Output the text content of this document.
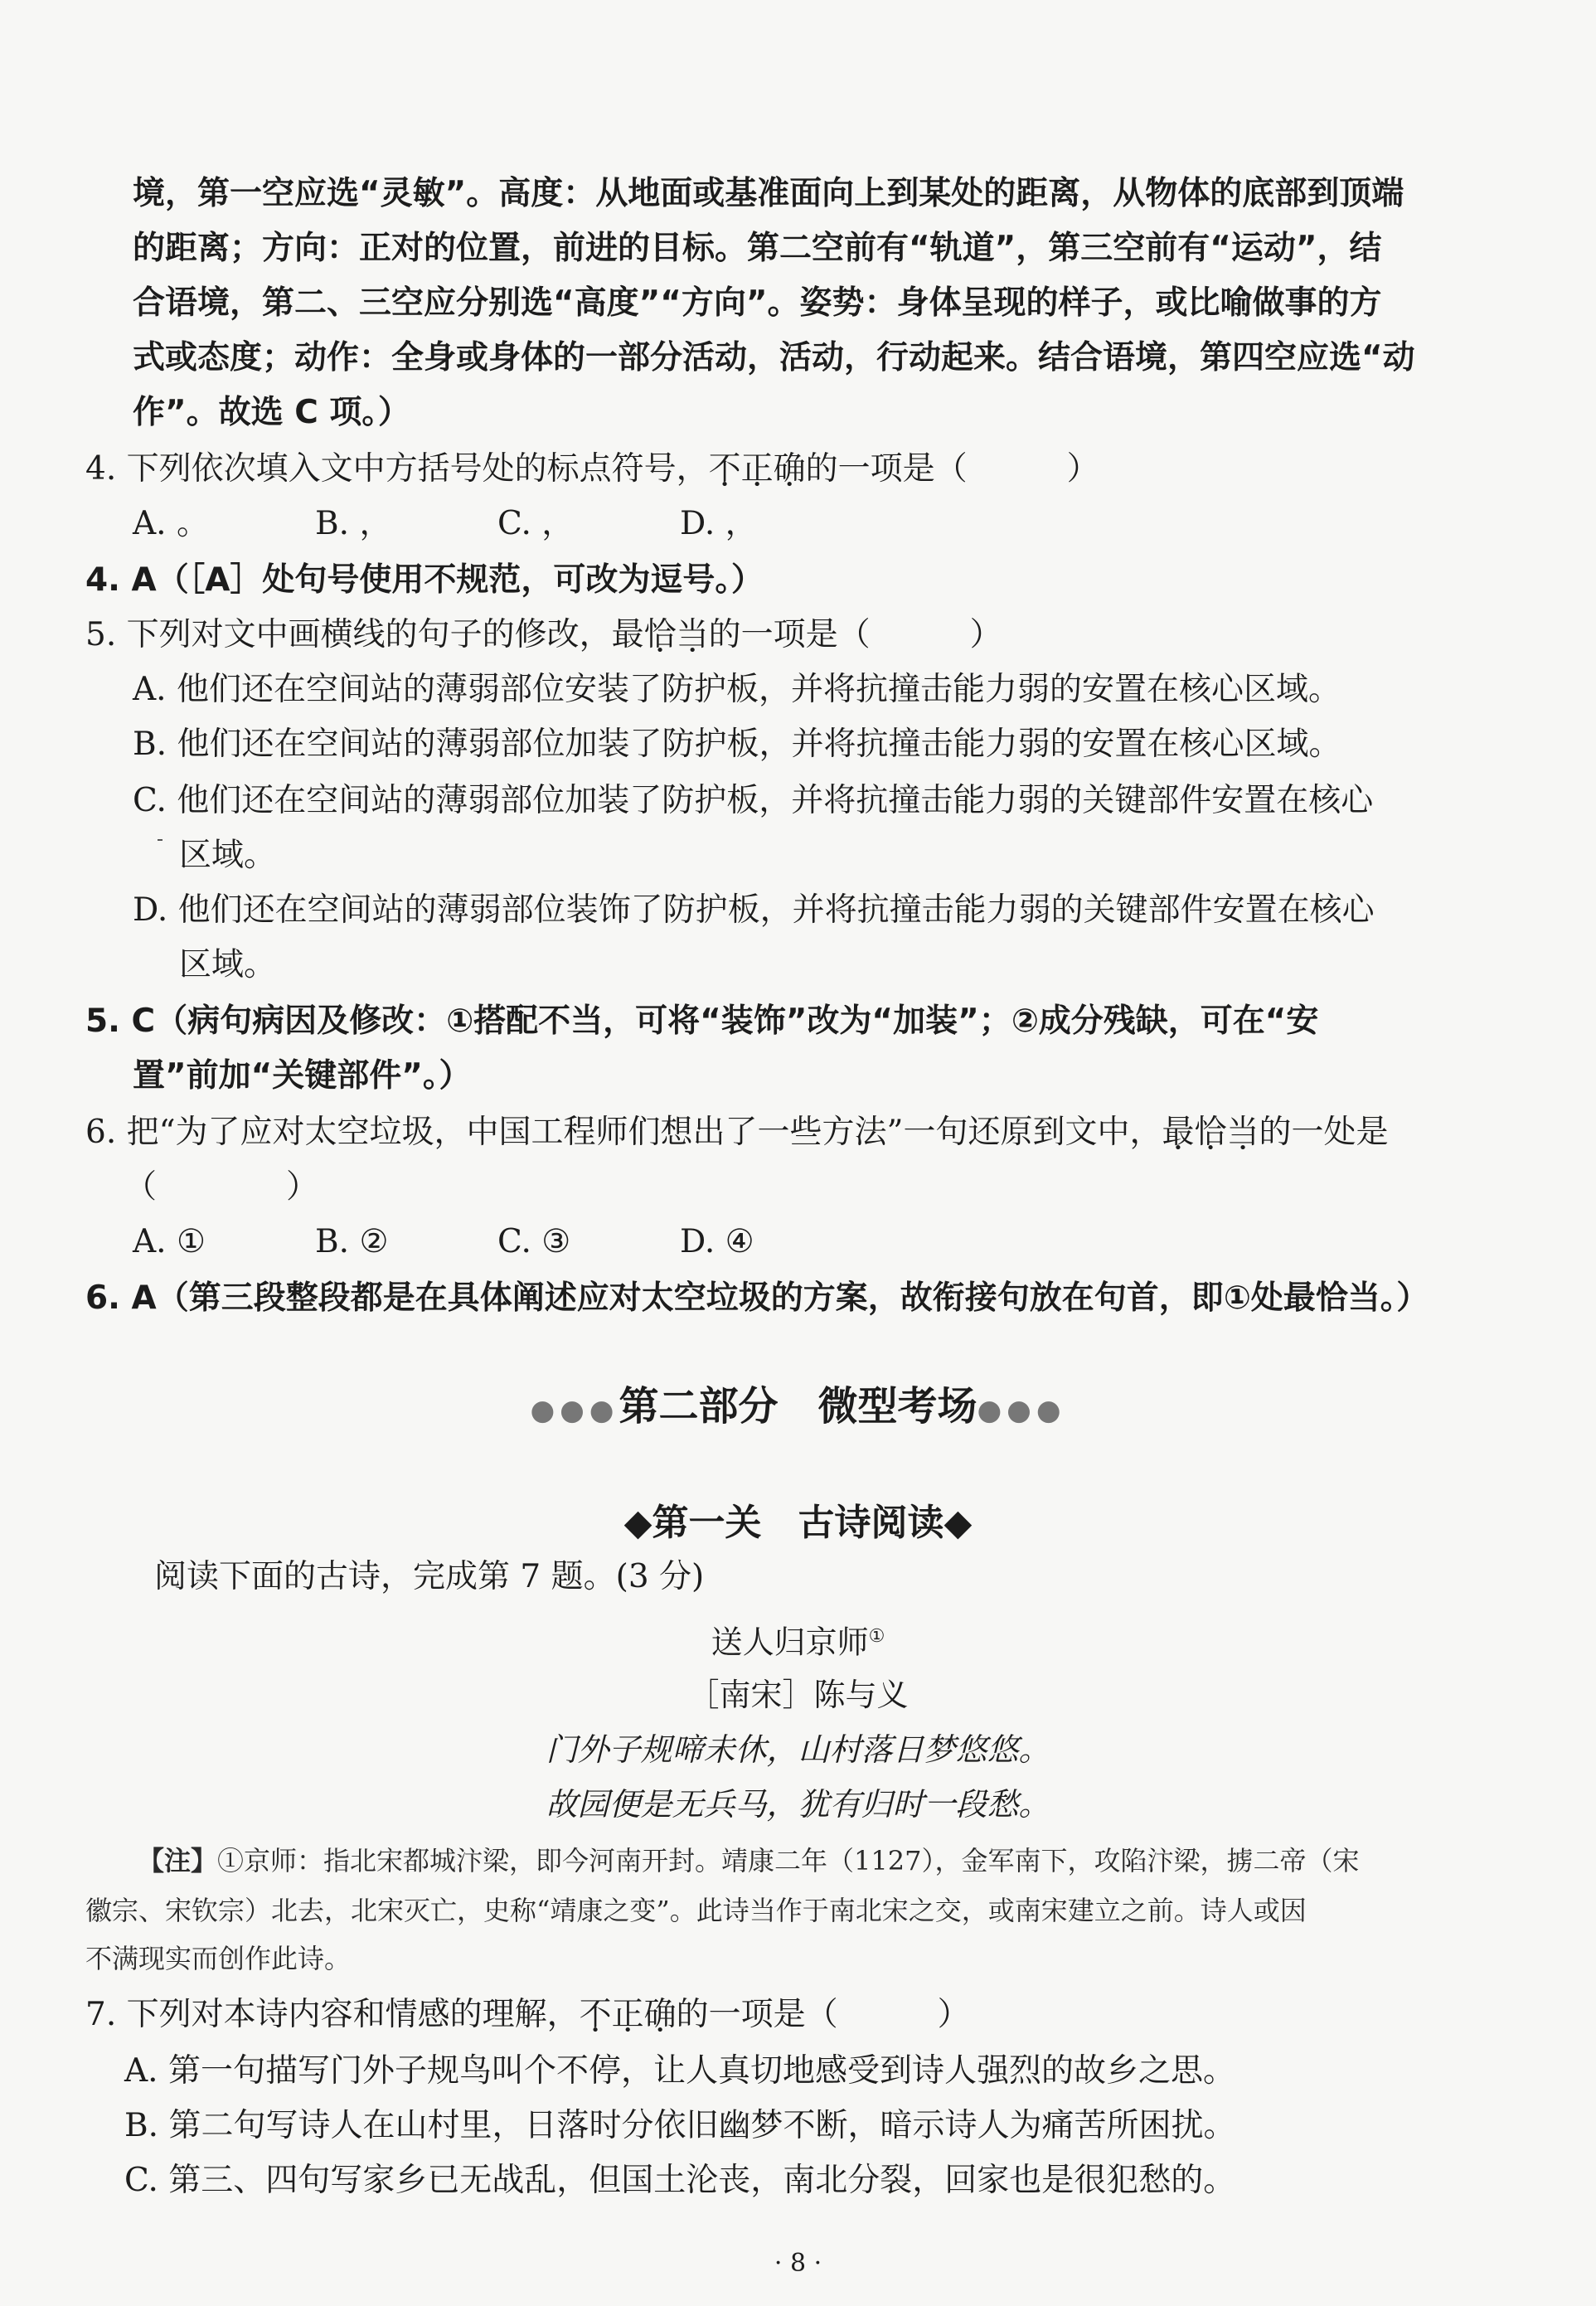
境，第一空应选“灵敏”。高度：从地面或基准面向上到某处的距离，从物体的底部到顶端
的距离；方向：正对的位置，前进的目标。第二空前有“轨道”，第三空前有“运动”，结
合语境，第二、三空应分别选“高度”“方向”。姿势：身体呈现的样子，或比喻做事的方
式或态度；动作：全身或身体的一部分活动，活动，行动起来。结合语境，第四空应选“动
作”。故选 C 项。）
4. 下列依次填入文中方括号处的标点符号，不正确的一项是（	）
A. 。	B. ，	C. ，	D. ，
4. A（［A］处句号使用不规范，可改为逗号。）
5. 下列对文中画横线的句子的修改，最恰当的一项是（	）
A. 他们还在空间站的薄弱部位安装了防护板，并将抗撞击能力弱的安置在核心区域。
B. 他们还在空间站的薄弱部位加装了防护板，并将抗撞击能力弱的安置在核心区域。
C. 他们还在空间站的薄弱部位加装了防护板，并将抗撞击能力弱的关键部件安置在核心
区域。
D. 他们还在空间站的薄弱部位装饰了防护板，并将抗撞击能力弱的关键部件安置在核心
区域。
5. C（病句病因及修改：①搭配不当，可将“装饰”改为“加装”；②成分残缺，可在“安
置”前加“关键部件”。）
6. 把“为了应对太空垃圾，中国工程师们想出了一些方法”一句还原到文中，最恰当的一处是
（　　　　）
A. ①	B. ②	C. ③	D. ④
6. A（第三段整段都是在具体阐述应对太空垃圾的方案，故衔接句放在句首，即①处最恰当。）
●●●第二部分　微型考场●●●
◆第一关　古诗阅读◆
阅读下面的古诗，完成第 7 题。(3 分)
送人归京师①
［南宋］陈与义
门外子规啼未休，山村落日梦悠悠。
故园便是无兵马，犹有归时一段愁。
【注】①京师：指北宋都城汴梁，即今河南开封。靖康二年（1127），金军南下，攻陷汴梁，掳二帝（宋
徽宗、宋钦宗）北去，北宋灭亡，史称“靖康之变”。此诗当作于南北宋之交，或南宋建立之前。诗人或因
不满现实而创作此诗。
7. 下列对本诗内容和情感的理解，不正确的一项是（	）
A. 第一句描写门外子规鸟叫个不停，让人真切地感受到诗人强烈的故乡之思。
B. 第二句写诗人在山村里，日落时分依旧幽梦不断，暗示诗人为痛苦所困扰。
C. 第三、四句写家乡已无战乱，但国土沦丧，南北分裂，回家也是很犯愁的。
· 8 ·
